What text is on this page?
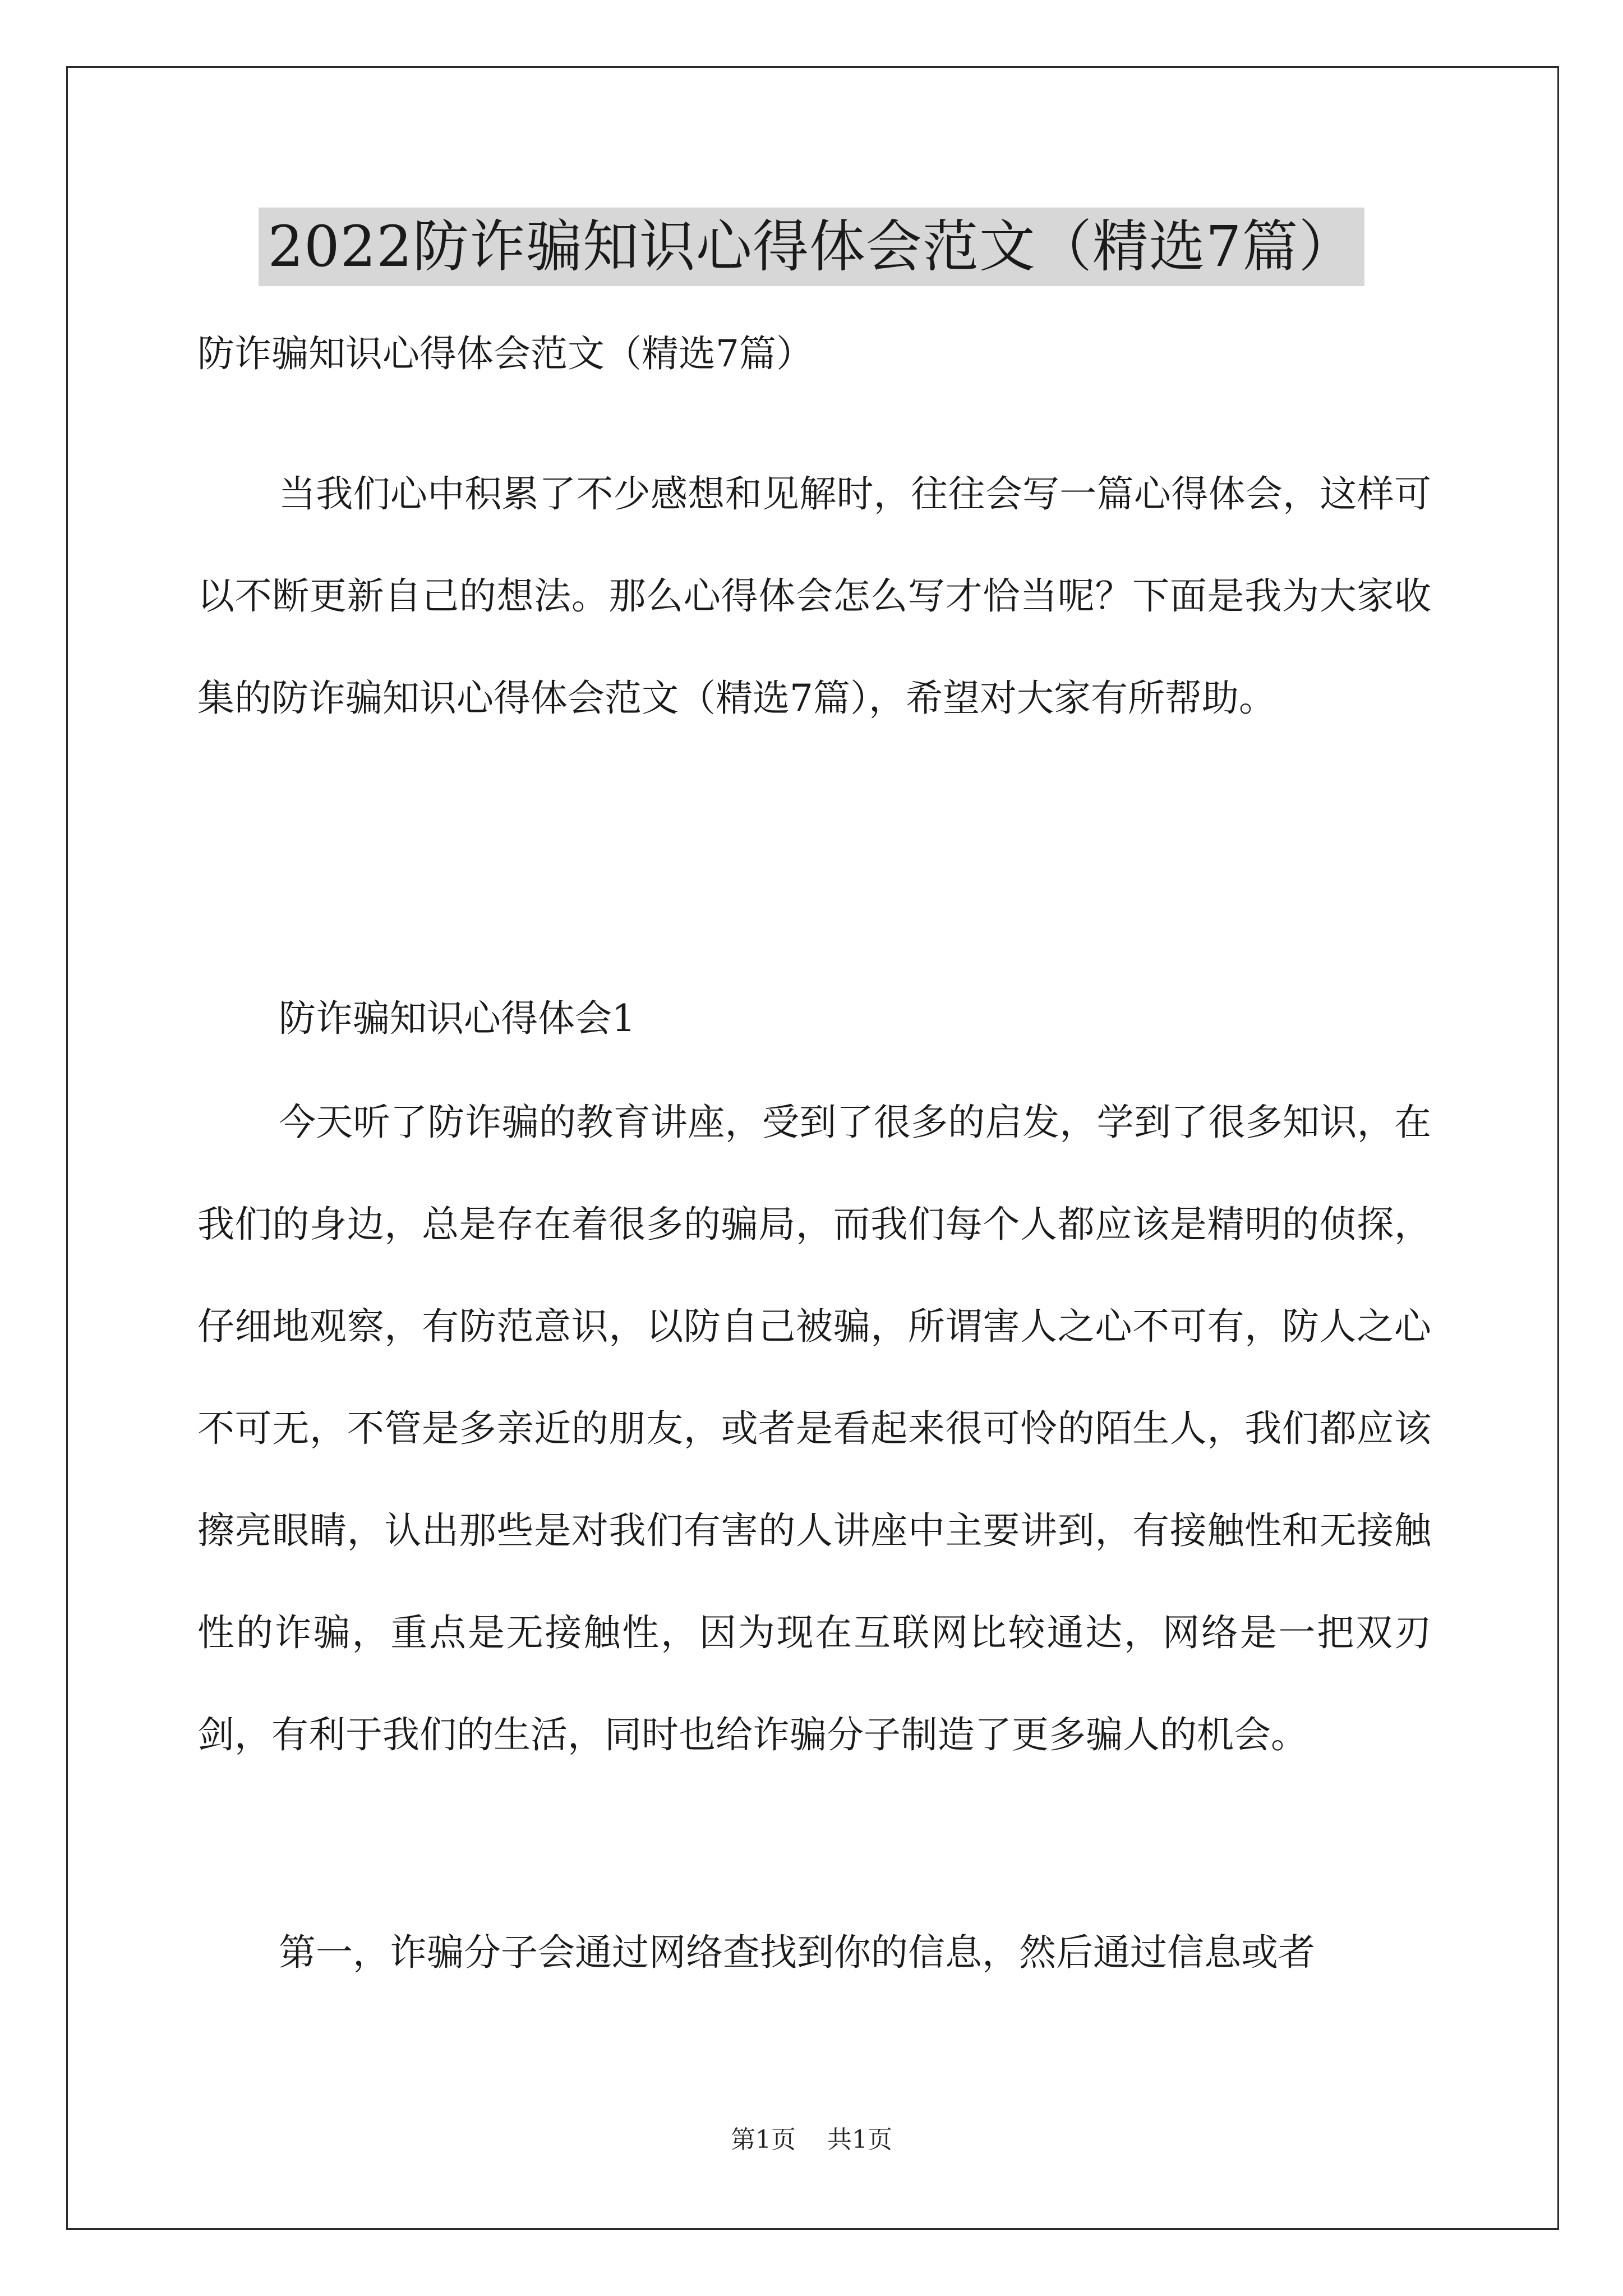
2022防诈骗知识心得体会范文（精选7篇）

防诈骗知识心得体会范文（精选7篇）

当我们心中积累了不少感想和见解时，往往会写一篇心得体会，这样可以不断更新自己的想法。那么心得体会怎么写才恰当呢？下面是我为大家收集的防诈骗知识心得体会范文（精选7篇），希望对大家有所帮助。

防诈骗知识心得体会1

今天听了防诈骗的教育讲座，受到了很多的启发，学到了很多知识，在我们的身边，总是存在着很多的骗局，而我们每个人都应该是精明的侦探，仔细地观察，有防范意识，以防自己被骗，所谓害人之心不可有，防人之心不可无，不管是多亲近的朋友，或者是看起来很可怜的陌生人，我们都应该擦亮眼睛，认出那些是对我们有害的人讲座中主要讲到，有接触性和无接触性的诈骗，重点是无接触性，因为现在互联网比较通达，网络是一把双刃剑，有利于我们的生活，同时也给诈骗分子制造了更多骗人的机会。

第一，诈骗分子会通过网络查找到你的信息，然后通过信息或者

第1页 共1页
